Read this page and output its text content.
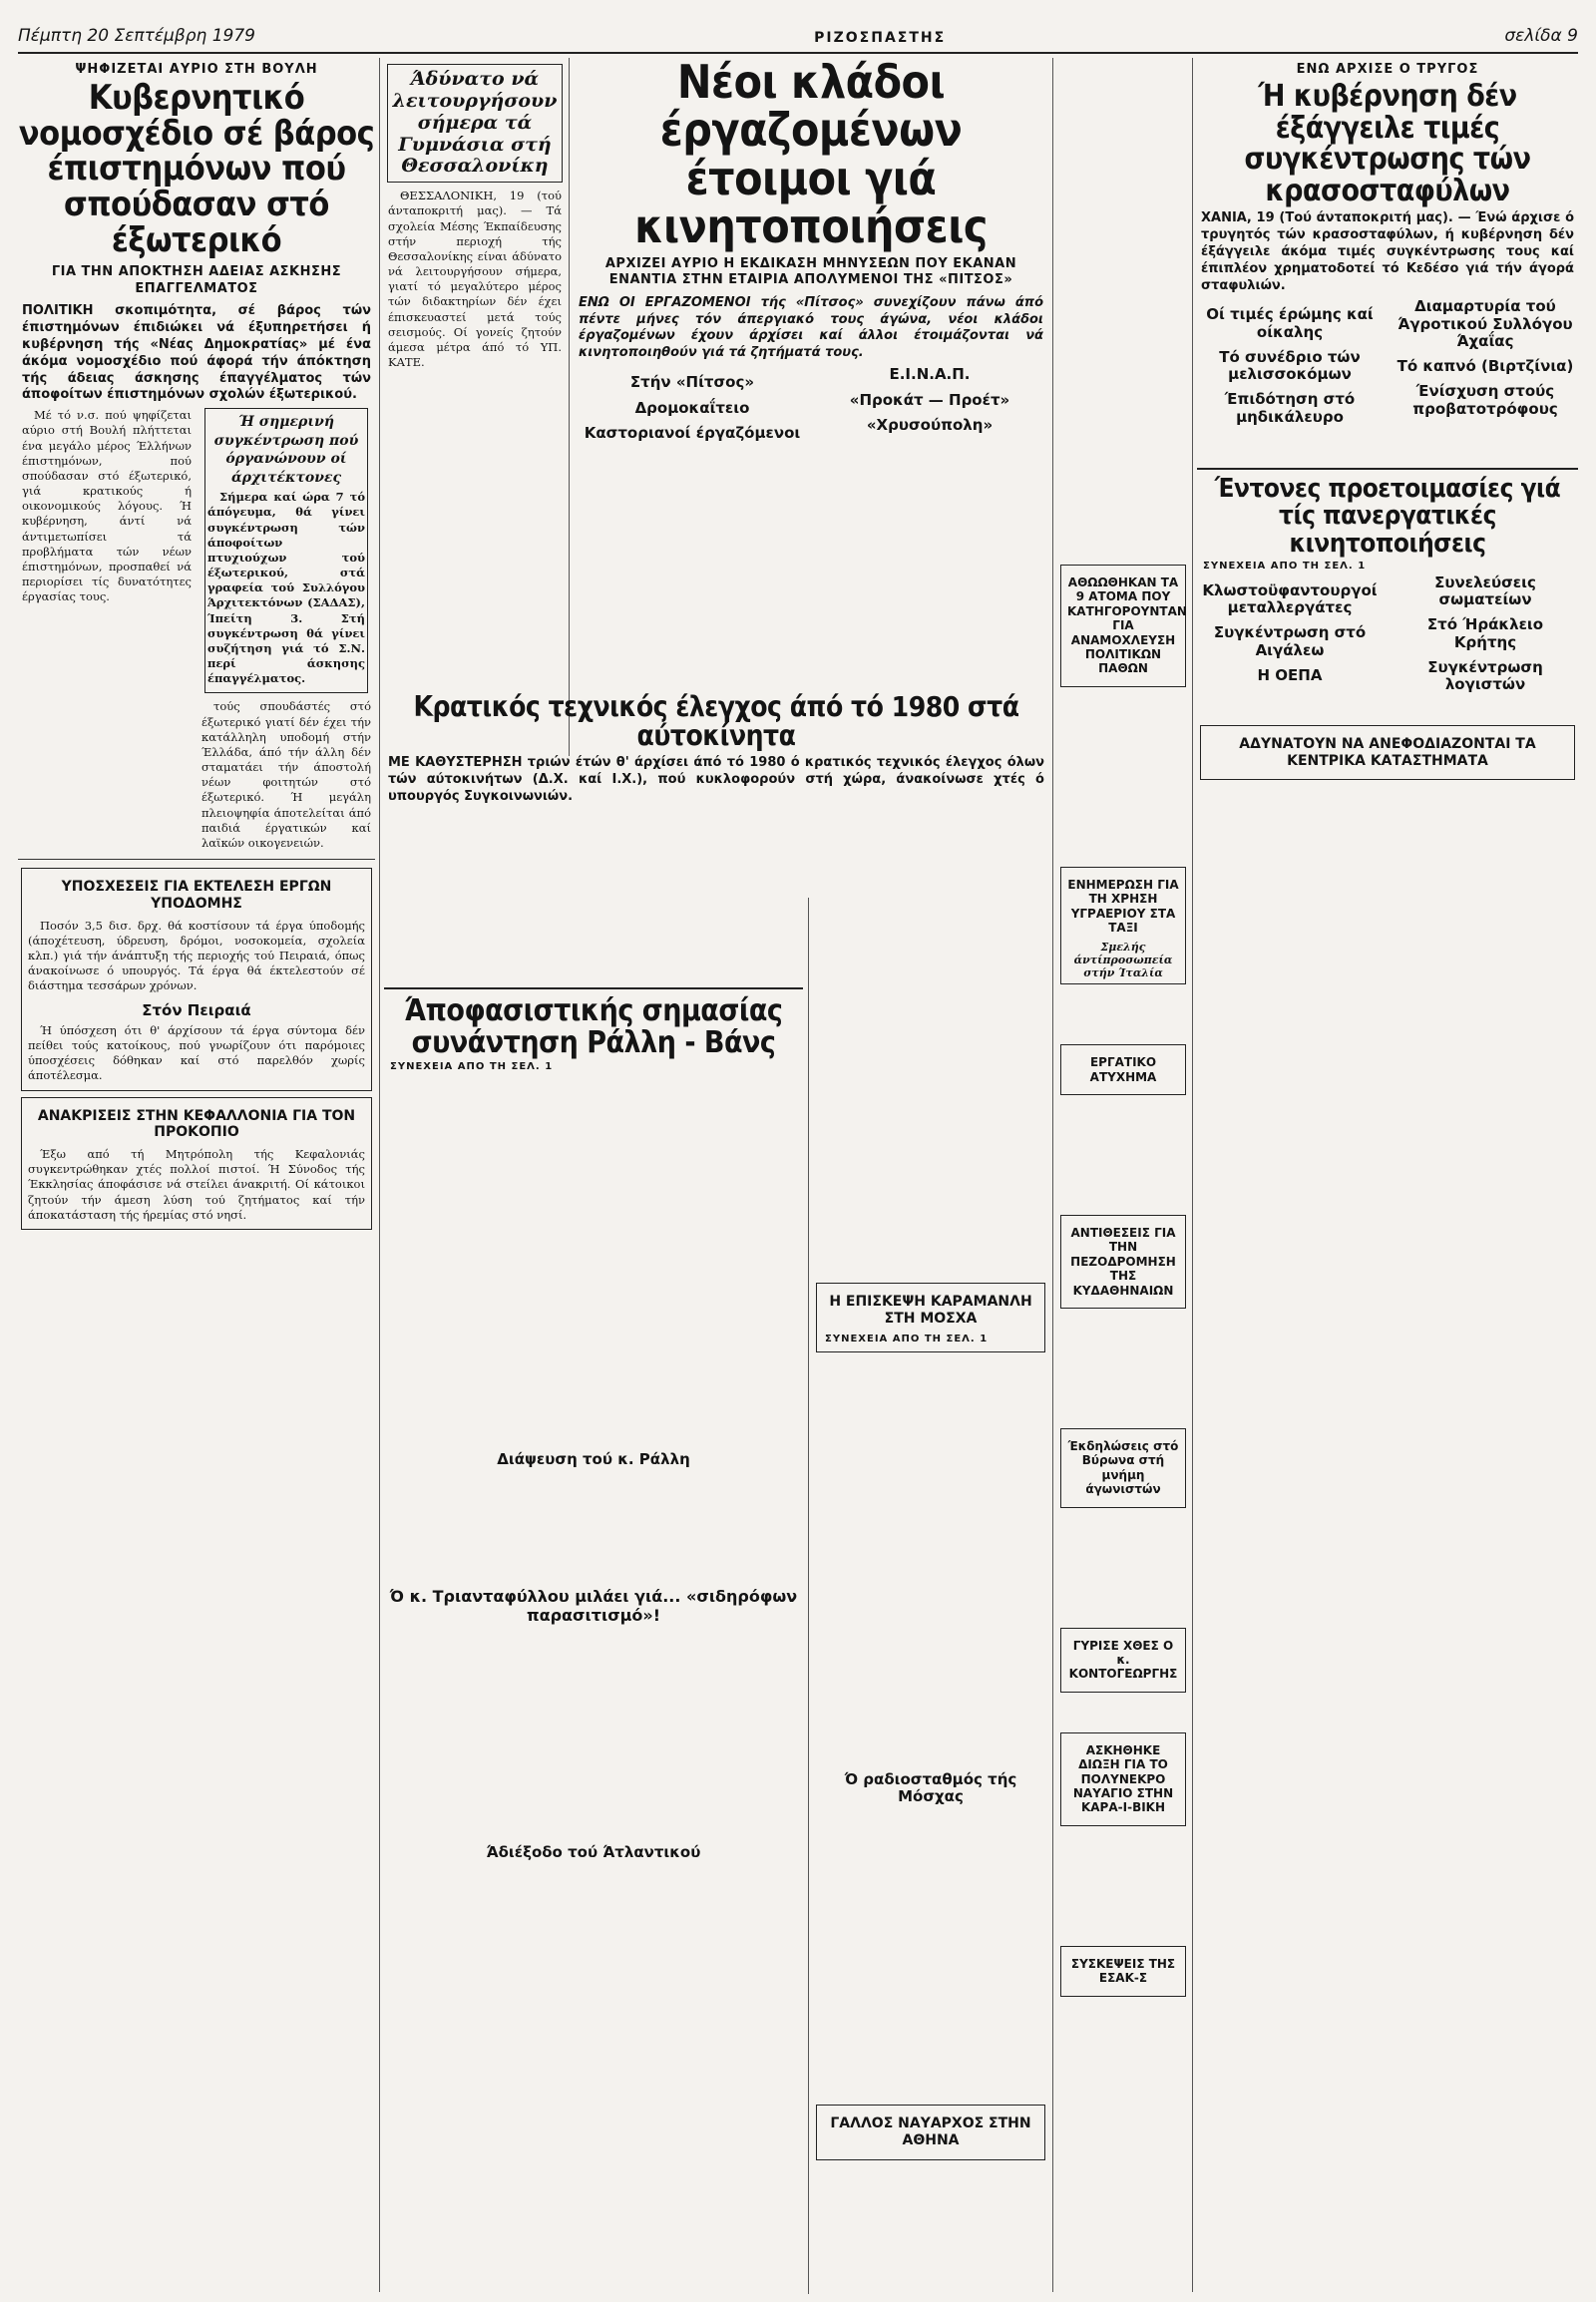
Πέμπτη 20 Σεπτέμβρη 1979	ΡΙΖΟΣΠΑΣΤΗΣ	σελίδα 9
ΨΗΦΙΖΕΤΑΙ ΑΥΡΙΟ ΣΤΗ ΒΟΥΛΗ
Κυβερνητικό νομοσχέδιο σέ βάρος έπιστημόνων πού σπούδασαν στό έξωτερικό
ΓΙΑ ΤΗΝ ΑΠΟΚΤΗΣΗ ΑΔΕΙΑΣ ΑΣΚΗΣΗΣ ΕΠΑΓΓΕΛΜΑΤΟΣ
ΠΟΛΙΤΙΚΗ σκοπιμότητα, σέ βάρος τών έπιστημόνων έπιδιώκει νά έξυπηρετήσει ή κυβέρνηση τής «Νέας Δημοκρατίας» μέ ένα άκόμα νομοσχέδιο πού άφορά τήν άπόκτηση τής άδειας άσκησης έπαγγέλματος τών άποφοίτων έπιστημόνων σχολών έξωτερικού.

Μέ τό ν.σ. πού ψηφίζεται αύριο στή Βουλή πλήττεται ένα μεγάλο μέρος Έλλήνων έπιστημόνων, πού σπούδασαν στό έξωτερικό, γιά κρατικούς ή οικονομικούς λόγους. Ή κυβέρνηση, άντί νά άντιμετωπίσει τά προβλήματα τών νέων έπιστημόνων, προσπαθεί νά περιορίσει τίς δυνατότητες έργασίας τους.

Ή σημερινή συγκέντρωση πού όργανώνουν οί άρχιτέκτονες

Σήμερα καί ώρα 7 τό άπόγευμα, θά γίνει συγκέντρωση τών άποφοίτων πτυχιούχων τού έξωτερικού, στά γραφεία τού Συλλόγου Άρχιτεκτόνων (ΣΑΔΑΣ), Ίπείτη 3. Στή συγκέντρωση θά γίνει συζήτηση γιά τό Σ.Ν. περί άσκησης έπαγγέλματος.

τούς σπουδάστές στό έξωτερικό γιατί δέν έχει τήν κατάλληλη υποδομή στήν Έλλάδα, άπό τήν άλλη δέν σταματάει τήν άποστολή νέων φοιτητών στό έξωτερικό. Ή μεγάλη πλειοψηφία άποτελείται άπό παιδιά έργατικών καί λαϊκών οικογενειών.

ΥΠΟΣΧΕΣΕΙΣ ΓΙΑ ΕΚΤΕΛΕΣΗ ΕΡΓΩΝ ΥΠΟΔΟΜΗΣ

Ποσόν 3,5 δισ. δρχ. θά κοστίσουν τά έργα ύποδομής (άποχέτευση, ύδρευση, δρόμοι, νοσοκομεία, σχολεία κλπ.) γιά τήν άνάπτυξη τής περιοχής τού Πειραιά, όπως άνακοίνωσε ό υπουργός. Τά έργα θά έκτελεστούν σέ διάστημα τεσσάρων χρόνων.

Στόν Πειραιά

Ή ύπόσχεση ότι θ' άρχίσουν τά έργα σύντομα δέν πείθει τούς κατοίκους, πού γνωρίζουν ότι παρόμοιες ύποσχέσεις δόθηκαν καί στό παρελθόν χωρίς άποτέλεσμα.

ΑΝΑΚΡΙΣΕΙΣ ΣΤΗΝ ΚΕΦΑΛΛΟΝΙΑ ΓΙΑ ΤΟΝ ΠΡΟΚΟΠΙΟ

Έξω από τή Μητρόπολη τής Κεφαλονιάς συγκεντρώθηκαν χτές πολλοί πιστοί. Ή Σύνοδος τής Έκκλησίας άποφάσισε νά στείλει άνακριτή. Οί κάτοικοι ζητούν τήν άμεση λύση τού ζητήματος καί τήν άποκατάσταση τής ήρεμίας στό νησί.

Άδύνατο νά λειτουργήσουν σήμερα τά Γυμνάσια στή Θεσσαλονίκη

ΘΕΣΣΑΛΟΝΙΚΗ, 19 (τού άνταποκριτή μας). — Τά σχολεία Μέσης Έκπαίδευσης στήν περιοχή τής Θεσσαλονίκης είναι άδύνατο νά λειτουργήσουν σήμερα, γιατί τό μεγαλύτερο μέρος τών διδακτηρίων δέν έχει έπισκευαστεί μετά τούς σεισμούς. Οί γονείς ζητούν άμεσα μέτρα άπό τό ΥΠ. ΚΑΤΕ.

Νέοι κλάδοι έργαζομένων έτοιμοι γιά κινητοποιήσεις
ΑΡΧΙΖΕΙ ΑΥΡΙΟ Η ΕΚΔΙΚΑΣΗ ΜΗΝΥΣΕΩΝ ΠΟΥ ΕΚΑΝΑΝ ΕΝΑΝΤΙΑ ΣΤΗΝ ΕΤΑΙΡΙΑ ΑΠΟΛΥΜΕΝΟΙ ΤΗΣ «ΠΙΤΣΟΣ»
ΕΝΩ ΟΙ ΕΡΓΑΖΟΜΕΝΟΙ τής «Πίτσος» συνεχίζουν πάνω άπό πέντε μήνες τόν άπεργιακό τους άγώνα, νέοι κλάδοι έργαζομένων έχουν άρχίσει καί άλλοι έτοιμάζονται νά κινητοποιηθούν γιά τά ζητήματά τους.
Στήν «Πίτσος»
Δρομοκαΐτειο
Καστοριανοί έργαζόμενοι
Ε.Ι.Ν.Α.Π.
«Προκάτ — Προέτ»
«Χρυσούπολη»
Κρατικός τεχνικός έλεγχος άπό τό 1980 στά αύτοκίνητα
ΜΕ ΚΑΘΥΣΤΕΡΗΣΗ τριών έτών θ' άρχίσει άπό τό 1980 ό κρατικός τεχνικός έλεγχος όλων τών αύτοκινήτων (Δ.Χ. καί Ι.Χ.), πού κυκλοφορούν στή χώρα, άνακοίνωσε χτές ό υπουργός Συγκοινωνιών.
Άποφασιστικής σημασίας συνάντηση Ράλλη - Βάνς
ΣΥΝΕΧΕΙΑ ΑΠΟ ΤΗ ΣΕΛ. 1
Διάψευση τού κ. Ράλλη
Ό κ. Τριανταφύλλου μιλάει γιά... «σιδηρόφων παρασιτισμό»!
Άδιέξοδο τού Άτλαντικού
Η ΕΠΙΣΚΕΨΗ ΚΑΡΑΜΑΝΛΗ ΣΤΗ ΜΟΣΧΑ
ΣΥΝΕΧΕΙΑ ΑΠΟ ΤΗ ΣΕΛ. 1
Ό ραδιοσταθμός τής Μόσχας
ΓΑΛΛΟΣ ΝΑΥΑΡΧΟΣ ΣΤΗΝ ΑΘΗΝΑ
ΑΘΩΩΘΗΚΑΝ ΤΑ 9 ΑΤΟΜΑ ΠΟΥ ΚΑΤΗΓΟΡΟΥΝΤΑΝ ΓΙΑ ΑΝΑΜΟΧΛΕΥΣΗ ΠΟΛΙΤΙΚΩΝ ΠΑΘΩΝ
ΕΝΗΜΕΡΩΣΗ ΓΙΑ ΤΗ ΧΡΗΣΗ ΥΓΡΑΕΡΙΟΥ ΣΤΑ ΤΑΞΙ
Σμελής άντίπροσωπεία στήν Ίταλία
ΕΡΓΑΤΙΚΟ ΑΤΥΧΗΜΑ
ΑΝΤΙΘΕΣΕΙΣ ΓΙΑ ΤΗΝ ΠΕΖΟΔΡΟΜΗΣΗ ΤΗΣ ΚΥΔΑΘΗΝΑΙΩΝ
Έκδηλώσεις στό Βύρωνα στή μνήμη άγωνιστών
ΓΥΡΙΣΕ ΧΘΕΣ Ο κ. ΚΟΝΤΟΓΕΩΡΓΗΣ
ΑΣΚΗΘΗΚΕ ΔΙΩΞΗ ΓΙΑ ΤΟ ΠΟΛΥΝΕΚΡΟ ΝΑΥΑΓΙΟ ΣΤΗΝ ΚΑΡΑ-Ι-ΒΙΚΗ
ΣΥΣΚΕΨΕΙΣ ΤΗΣ ΕΣΑΚ-Σ
ΕΝΩ ΑΡΧΙΣΕ Ο ΤΡΥΓΟΣ
Ή κυβέρνηση δέν έξάγγειλε τιμές συγκέντρωσης τών κρασοσταφύλων
ΧΑΝΙΑ, 19 (Τού άνταποκριτή μας). — Ένώ άρχισε ό τρυγητός τών κρασοσταφύλων, ή κυβέρνηση δέν έξάγγειλε άκόμα τιμές συγκέντρωσης τους καί έπιπλέον χρηματοδοτεί τό Κεδέσο γιά τήν άγορά σταφυλιών.
Οί τιμές έρώμης καί οίκαλης
Τό συνέδριο τών μελισσοκόμων
Έπιδότηση στό μηδικάλευρο
Διαμαρτυρία τού Άγροτικού Συλλόγου Άχαΐας
Τό καπνό (Βιρτζίνια)
Ένίσχυση στούς προβατοτρόφους
Έντονες προετοιμασίες γιά τίς πανεργατικές κινητοποιήσεις
ΣΥΝΕΧΕΙΑ ΑΠΟ ΤΗ ΣΕΛ. 1
Κλωστοϋφαντουργοί μεταλλεργάτες
Συγκέντρωση στό Αιγάλεω
Η ΟΕΠΑ
Συνελεύσεις σωματείων
Στό Ήράκλειο Κρήτης
Συγκέντρωση λογιστών
ΑΔΥΝΑΤΟΥΝ ΝΑ ΑΝΕΦΟΔΙΑΖΟΝΤΑΙ ΤΑ ΚΕΝΤΡΙΚΑ ΚΑΤΑΣΤΗΜΑΤΑ
